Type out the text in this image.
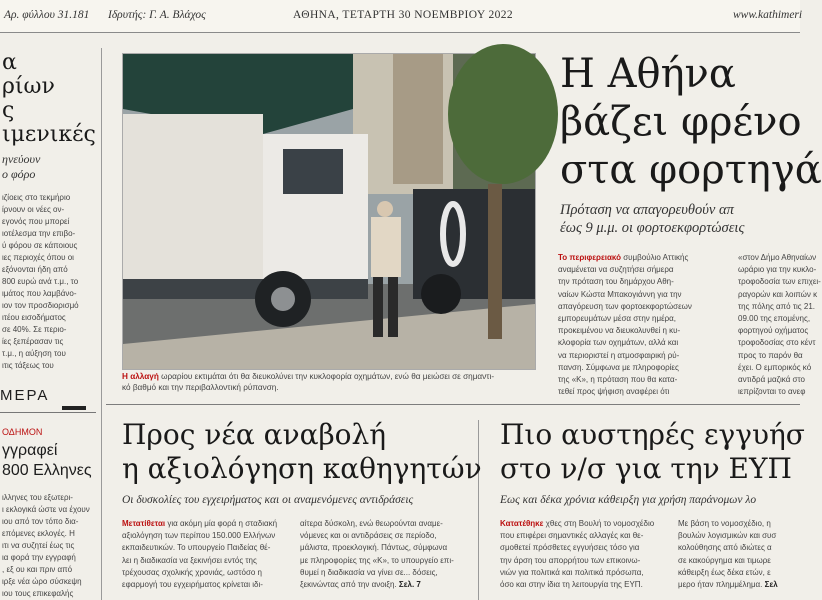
Αρ. φύλλου 31.181 Ιδρυτής: Γ. Α. Βλάχος	ΑΘΗΝΑ, ΤΕΤΑΡΤΗ 30 ΝΟΕΜΒΡΙΟΥ 2022	www.kathimeri
α
ρίων
ς
ιμενικές
ηνεύουν
ο φόρο
ιζίοεις στο τεκμήριο
ίρνουν οι νέες ον-
εγονός που μπορεί
ιοτέλεσμα την επιβο-
ύ φόρου σε κάποιους
ιες περιοχές όπου οι
εξόνονται ήδη από
800 ευρώ ανά τ.μ., το
ιμάτος που λαμβάνο-
ιον τον προσδιορισμό
ιτέου εισοδήματος
σε 40%. Σε περιο-
ίες ξεπέρασαν τις
τ.μ., η αύξηση του
ιτις τάξεως του
ΜΕΡΑ
ΟΔΗΜΟΝ
γγραφεί
800 Ελληνες
ιλληνες του εξωτερι-
ι εκλογικά ώστε να έχουν
ιου από τον τόπο δια-
επόμενες εκλογές. Η
ιτι να συζητεί έως τις
ια φορά την εγγραφή
, εξ ου και πριν από
ιρξε νέα ώρο σύσκεψη
ιου τους επικεφαλής
Η αλλαγή ωραρίου εκτιμάται ότι θα διευκολύνει την κυκλοφορία οχημάτων, ενώ θα μειώσει σε σημαντι-
κό βαθμό και την περιβαλλοντική ρύπανση.
Η Αθήνα
βάζει φρένο
στα φορτηγά
Πρόταση να απαγορευθούν απ
έως 9 μ.μ. οι φορτοεκφορτώσεις
Το περιφερειακό συμβούλιο Αττικής
αναμένεται να συζητήσει σήμερα
την πρόταση του δημάρχου Αθη-
ναίων Κώστα Μπακογιάννη για την
απαγόρευση των φορτοεκφορτώσεων
εμπορευμάτων μέσα στην ημέρα,
προκειμένου να διευκολυνθεί η κυ-
κλοφορία των οχημάτων, αλλά και
να περιοριστεί η ατμοσφαιρική ρύ-
πανση. Σύμφωνα με πληροφορίες
της «Κ», η πρόταση που θα κατα-
τεθεί προς ψήφιση αναφέρει ότι
«στον Δήμο Αθηναίων
ωράριο για την κυκλο-
τροφοδοσία των επιχει-
ραγορών και λοιπών κ
της πόλης από τις 21.
09.00 της επομένης,
φορτηγού οχήματος
τροφοδοσίας στο κέντ
προς το παρόν θα
έχει. Ο εμπορικός κό
αντιδρά μαζικά στο
ιεπρίζονται το ανεφ
Προς νέα αναβολή
η αξιολόγηση καθηγητών
Οι δυσκολίες του εγχειρήματος και οι αναμενόμενες αντιδράσεις
Μετατίθεται για ακόμη μία φορά η σταδιακή
αξιολόγηση των περίπου 150.000 Ελλήνων
εκπαιδευτικών. Το υπουργείο Παιδείας θέ-
λει η διαδικασία να ξεκινήσει εντός της
τρέχουσας σχολικής χρονιάς, ωστόσο η
εφαρμογή του εγχειρήματος κρίνεται ιδι-
αίτερα δύσκολη, ενώ θεωρούνται αναμε-
νόμενες και οι αντιδράσεις σε περίοδο,
μάλιστα, προεκλογική. Πάντως, σύμφωνα
με πληροφορίες της «Κ», το υπουργείο επι-
θυμεί η διαδικασία να γίνει σε... δόσεις,
ξεκινώντας από την ανοιξη. Σελ. 7
Πιο αυστηρές εγγυήσ
στο ν/σ για την ΕΥΠ
Εως και δέκα χρόνια κάθειρξη για χρήση παράνομων λο
Κατατέθηκε χθες στη Βουλή το νομοσχέδιο
που επιφέρει σημαντικές αλλαγές και θε-
σμοθετεί πρόσθετες εγγυήσεις τόσο για
την άρση του απορρήτου των επικοινω-
νιών για πολιτικά και πολιτικά πρόσωπα,
όσο και στην ίδια τη λειτουργία της ΕΥΠ.
Με βάση το νομοσχέδιο, η
βουλών λογισμικών και συσ
κολούθησης από ιδιώτες α
σε κακούργημα και τιμωρε
κάθειρξη έως δέκα ετών, ε
μερο ήταν πλημμέλημα. Σελ
